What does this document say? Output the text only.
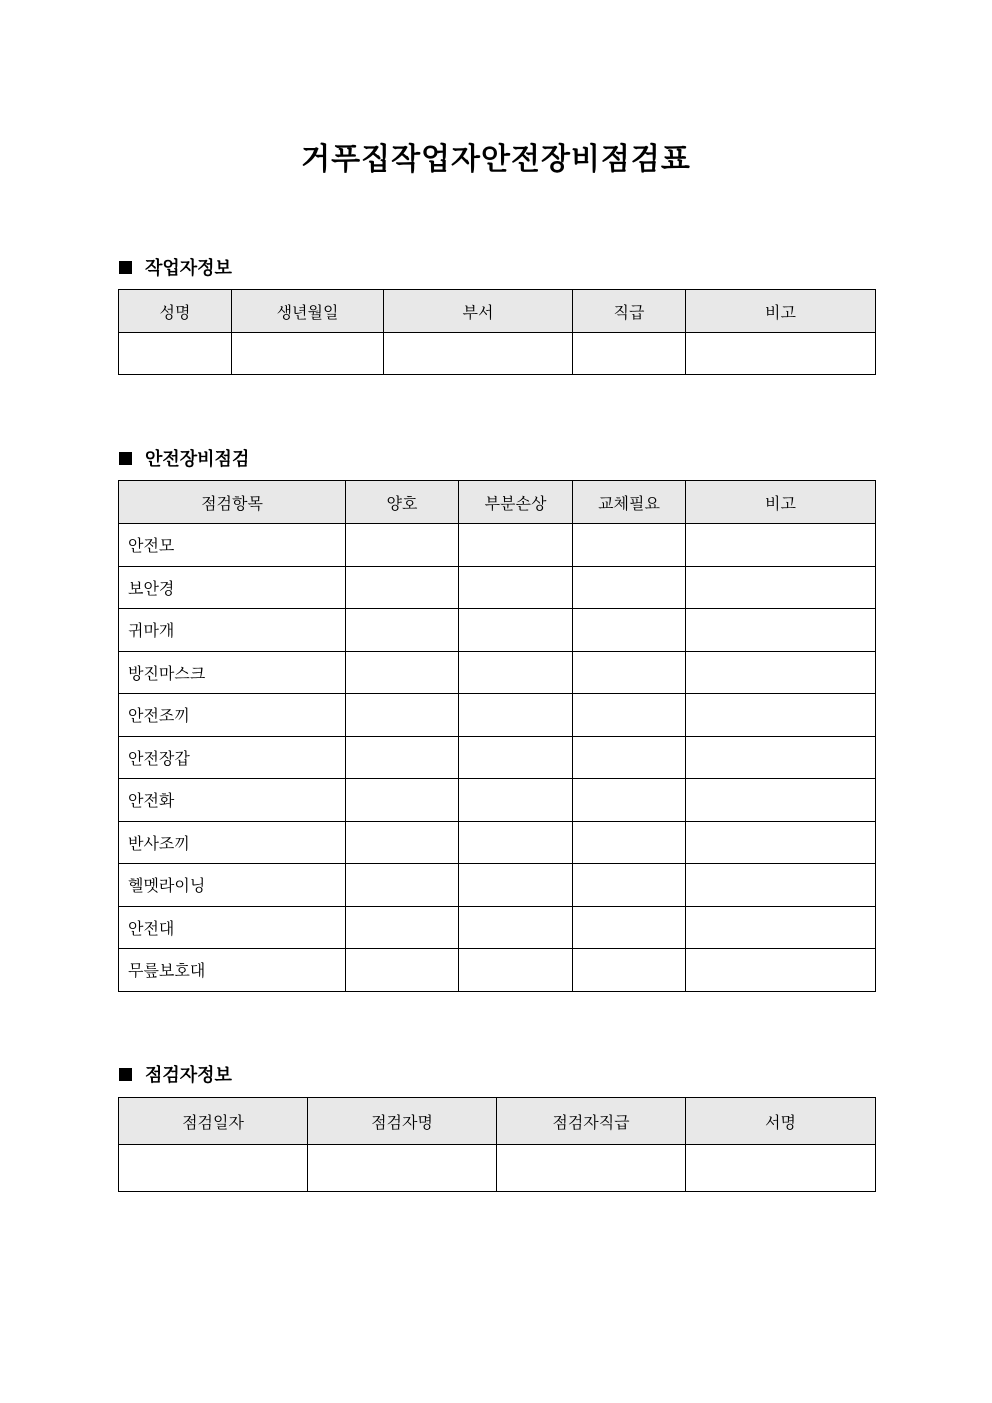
거푸집작업자안전장비점검표
작업자정보
성명	생년월일	부서	직급	비고

안전장비점검
점검항목	양호	부분손상	교체필요	비고
안전모				
보안경				
귀마개				
방진마스크				
안전조끼				
안전장갑				
안전화				
반사조끼				
헬멧라이닝				
안전대				
무릎보호대				
점검자정보
점검일자	점검자명	점검자직급	서명
